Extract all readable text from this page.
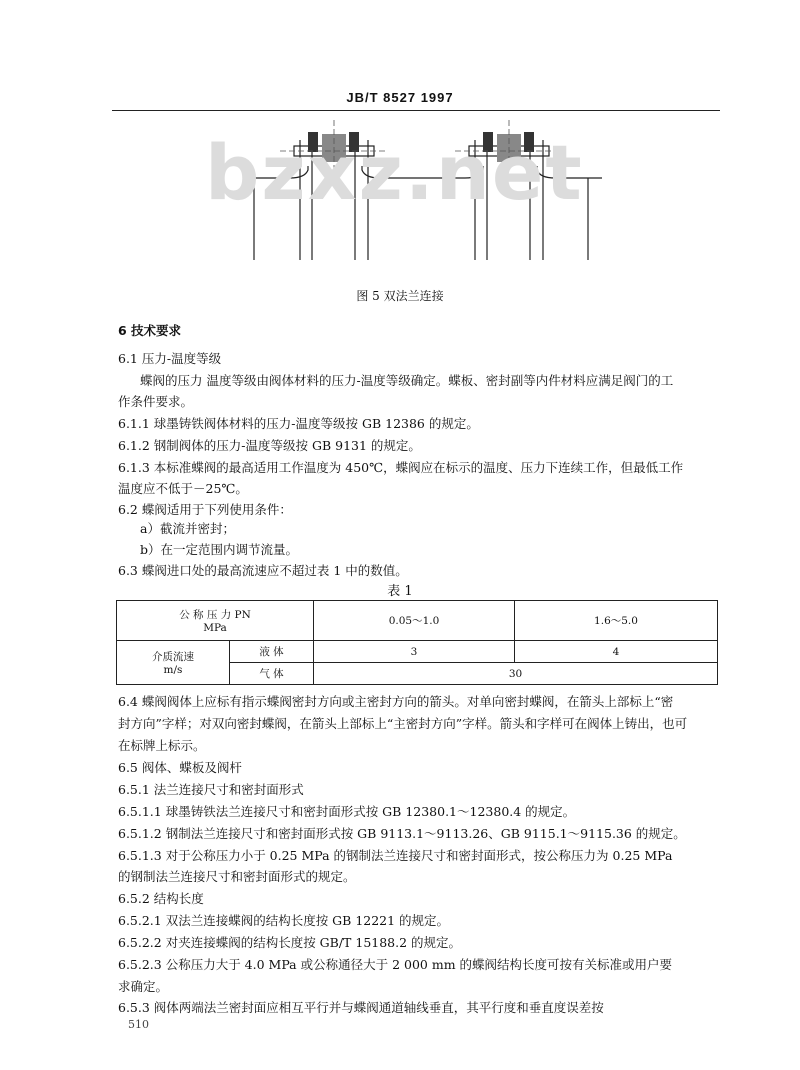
JB/T 8527 1997
bzxz.net
图 5 双法兰连接
6 技术要求
6.1 压力-温度等级
蝶阀的压力 温度等级由阀体材料的压力-温度等级确定。蝶板、密封副等内件材料应满足阀门的工
作条件要求。
6.1.1 球墨铸铁阀体材料的压力-温度等级按 GB 12386 的规定。
6.1.2 钢制阀体的压力-温度等级按 GB 9131 的规定。
6.1.3 本标准蝶阀的最高适用工作温度为 450℃，蝶阀应在标示的温度、压力下连续工作，但最低工作
温度应不低于－25℃。
6.2 蝶阀适用于下列使用条件：
a）截流并密封；
b）在一定范围内调节流量。
6.3 蝶阀进口处的最高流速应不超过表 1 中的数值。
表 1
公 称 压 力 PN
MPa		0.05～1.0	1.6～5.0

介质流速
m/s	液 体	3	4
	气 体	30	
6.4 蝶阀阀体上应标有指示蝶阀密封方向或主密封方向的箭头。对单向密封蝶阀，在箭头上部标上“密
封方向”字样；对双向密封蝶阀，在箭头上部标上“主密封方向”字样。箭头和字样可在阀体上铸出，也可
在标牌上标示。
6.5 阀体、蝶板及阀杆
6.5.1 法兰连接尺寸和密封面形式
6.5.1.1 球墨铸铁法兰连接尺寸和密封面形式按 GB 12380.1～12380.4 的规定。
6.5.1.2 钢制法兰连接尺寸和密封面形式按 GB 9113.1～9113.26、GB 9115.1～9115.36 的规定。
6.5.1.3 对于公称压力小于 0.25 MPa 的钢制法兰连接尺寸和密封面形式，按公称压力为 0.25 MPa
的钢制法兰连接尺寸和密封面形式的规定。
6.5.2 结构长度
6.5.2.1 双法兰连接蝶阀的结构长度按 GB 12221 的规定。
6.5.2.2 对夹连接蝶阀的结构长度按 GB/T 15188.2 的规定。
6.5.2.3 公称压力大于 4.0 MPa 或公称通径大于 2 000 mm 的蝶阀结构长度可按有关标准或用户要
求确定。
6.5.3 阀体两端法兰密封面应相互平行并与蝶阀通道轴线垂直，其平行度和垂直度误差按
510
